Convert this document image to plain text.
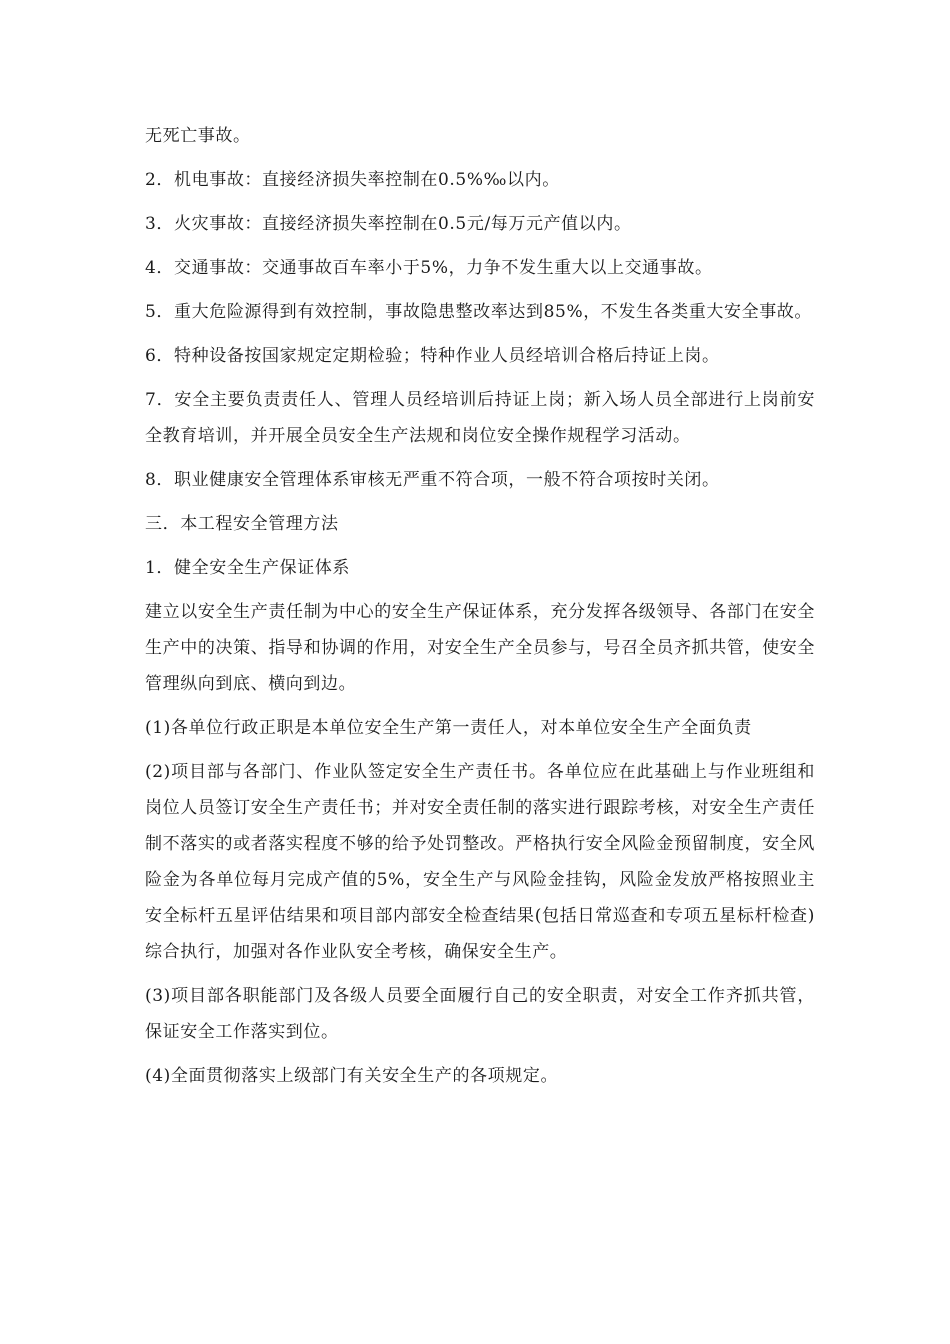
无死亡事故。

2．机电事故：直接经济损失率控制在0.5%‰以内。

3．火灾事故：直接经济损失率控制在0.5元/每万元产值以内。

4．交通事故：交通事故百车率小于5%，力争不发生重大以上交通事故。

5．重大危险源得到有效控制，事故隐患整改率达到85%，不发生各类重大安全事故。

6．特种设备按国家规定定期检验；特种作业人员经培训合格后持证上岗。

7．安全主要负责责任人、管理人员经培训后持证上岗；新入场人员全部进行上岗前安全教育培训，并开展全员安全生产法规和岗位安全操作规程学习活动。

8．职业健康安全管理体系审核无严重不符合项，一般不符合项按时关闭。

三．本工程安全管理方法

1．健全安全生产保证体系

建立以安全生产责任制为中心的安全生产保证体系，充分发挥各级领导、各部门在安全生产中的决策、指导和协调的作用，对安全生产全员参与，号召全员齐抓共管，使安全管理纵向到底、横向到边。

(1)各单位行政正职是本单位安全生产第一责任人，对本单位安全生产全面负责

(2)项目部与各部门、作业队签定安全生产责任书。各单位应在此基础上与作业班组和岗位人员签订安全生产责任书；并对安全责任制的落实进行跟踪考核，对安全生产责任制不落实的或者落实程度不够的给予处罚整改。严格执行安全风险金预留制度，安全风险金为各单位每月完成产值的5%，安全生产与风险金挂钩，风险金发放严格按照业主安全标杆五星评估结果和项目部内部安全检查结果(包括日常巡查和专项五星标杆检查)综合执行，加强对各作业队安全考核，确保安全生产。

(3)项目部各职能部门及各级人员要全面履行自己的安全职责，对安全工作齐抓共管，保证安全工作落实到位。

(4)全面贯彻落实上级部门有关安全生产的各项规定。
